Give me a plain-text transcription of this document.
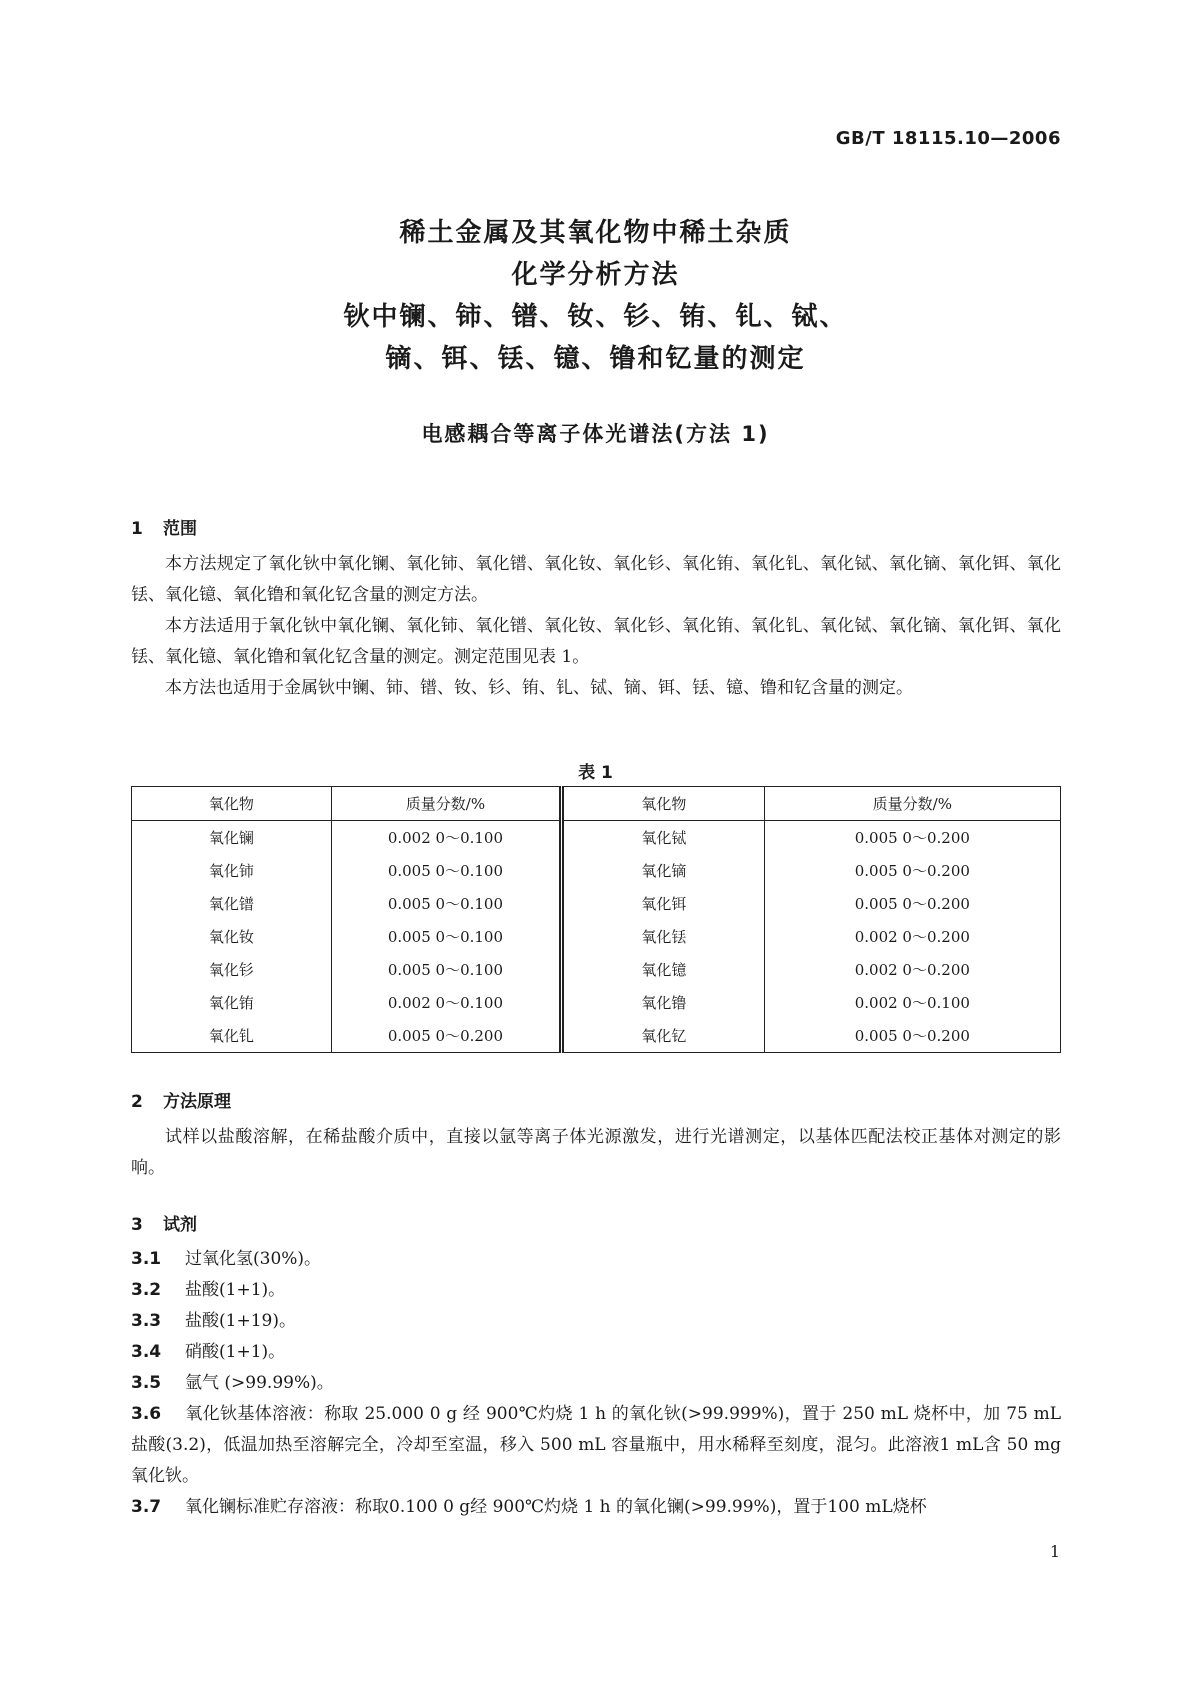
GB/T 18115.10—2006
稀土金属及其氧化物中稀土杂质
化学分析方法
钬中镧、铈、镨、钕、钐、铕、钆、铽、
镝、铒、铥、镱、镥和钇量的测定
电感耦合等离子体光谱法(方法 1)
1 范围

本方法规定了氧化钬中氧化镧、氧化铈、氧化镨、氧化钕、氧化钐、氧化铕、氧化钆、氧化铽、氧化镝、氧化铒、氧化铥、氧化镱、氧化镥和氧化钇含量的测定方法。

本方法适用于氧化钬中氧化镧、氧化铈、氧化镨、氧化钕、氧化钐、氧化铕、氧化钆、氧化铽、氧化镝、氧化铒、氧化铥、氧化镱、氧化镥和氧化钇含量的测定。测定范围见表 1。

本方法也适用于金属钬中镧、铈、镨、钕、钐、铕、钆、铽、镝、铒、铥、镱、镥和钇含量的测定。

表 1
氧化物	质量分数/%	氧化物	质量分数/%
氧化镧	0.002 0～0.100	氧化铽	0.005 0～0.200
氧化铈	0.005 0～0.100	氧化镝	0.005 0～0.200
氧化镨	0.005 0～0.100	氧化铒	0.005 0～0.200
氧化钕	0.005 0～0.100	氧化铥	0.002 0～0.200
氧化钐	0.005 0～0.100	氧化镱	0.002 0～0.200
氧化铕	0.002 0～0.100	氧化镥	0.002 0～0.100
氧化钆	0.005 0～0.200	氧化钇	0.005 0～0.200
2 方法原理

试样以盐酸溶解，在稀盐酸介质中，直接以氩等离子体光源激发，进行光谱测定，以基体匹配法校正基体对测定的影响。

3 试剂
3.1 过氧化氢(30%)。
3.2 盐酸(1+1)。
3.3 盐酸(1+19)。
3.4 硝酸(1+1)。
3.5 氩气 (>99.99%)。
3.6 氧化钬基体溶液：称取 25.000 0 g 经 900℃灼烧 1 h 的氧化钬(>99.999%)，置于 250 mL 烧杯中，加 75 mL 盐酸(3.2)，低温加热至溶解完全，冷却至室温，移入 500 mL 容量瓶中，用水稀释至刻度，混匀。此溶液1 mL含 50 mg 氧化钬。
3.7 氧化镧标准贮存溶液：称取0.100 0 g经 900℃灼烧 1 h 的氧化镧(>99.99%)，置于100 mL烧杯
1
